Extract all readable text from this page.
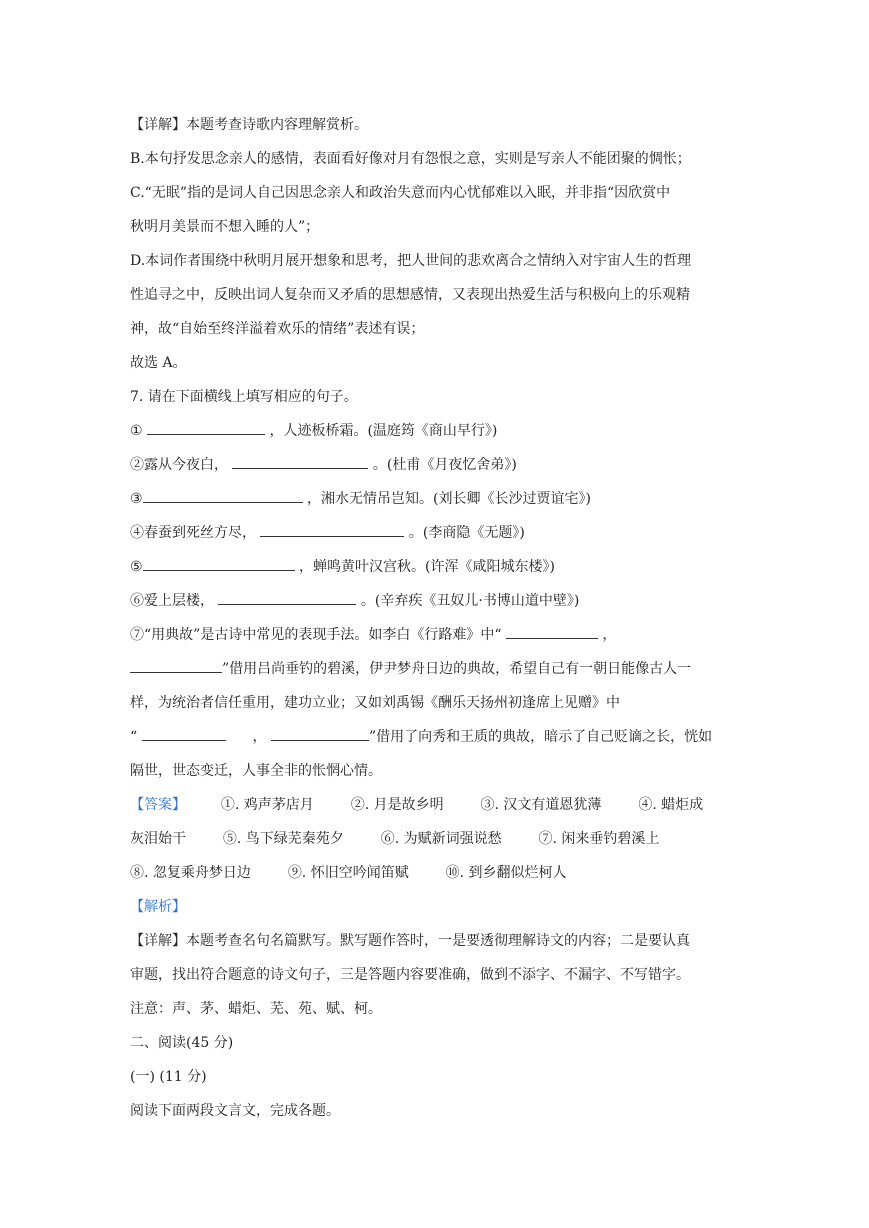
【详解】本题考查诗歌内容理解赏析。
B.本句抒发思念亲人的感情，表面看好像对月有怨恨之意，实则是写亲人不能团聚的惆怅；
C.“无眠”指的是词人自己因思念亲人和政治失意而内心忧郁难以入眠，并非指“因欣赏中
秋明月美景而不想入睡的人”；
D.本词作者围绕中秋明月展开想象和思考，把人世间的悲欢离合之情纳入对宇宙人生的哲理
性追寻之中，反映出词人复杂而又矛盾的思想感情，又表现出热爱生活与积极向上的乐观精
神，故“自始至终洋溢着欢乐的情绪”表述有误；
故选 A。
7. 请在下面横线上填写相应的句子。
①	，人迹板桥霜。(温庭筠《商山早行》)
②露从今夜白，	。(杜甫《月夜忆舍弟》)
③	，湘水无情吊岂知。(刘长卿《长沙过贾谊宅》)
④春蚕到死丝方尽，	。(李商隐《无题》)
⑤	，蝉鸣黄叶汉宫秋。(许浑《咸阳城东楼》)
⑥爱上层楼，	。(辛弃疾《丑奴儿·书博山道中壁》)
⑦“用典故”是古诗中常见的表现手法。如李白《行路难》中“	，
”借用吕尚垂钓的碧溪，伊尹梦舟日边的典故，希望自己有一朝日能像古人一
样，为统治者信任重用，建功立业；又如刘禹锡《酬乐天扬州初逢席上见赠》中
“	，	”借用了向秀和王质的典故，暗示了自己贬谪之长，恍如
隔世，世态变迁，人事全非的怅惘心情。
【答案】 ①. 鸡声茅店月	②. 月是故乡明	③. 汉文有道恩犹薄	④. 蜡炬成
灰泪始干	⑤. 鸟下绿芜秦苑夕	⑥. 为赋新词强说愁	⑦. 闲来垂钓碧溪上
⑧. 忽复乘舟梦日边	⑨. 怀旧空吟闻笛赋	⑩. 到乡翻似烂柯人
【解析】
【详解】本题考查名句名篇默写。默写题作答时，一是要透彻理解诗文的内容；二是要认真
审题，找出符合题意的诗文句子，三是答题内容要准确，做到不添字、不漏字、不写错字。
注意：声、茅、蜡炬、芜、苑、赋、柯。
二、阅读(45 分)
(一) (11 分)
阅读下面两段文言文，完成各题。
